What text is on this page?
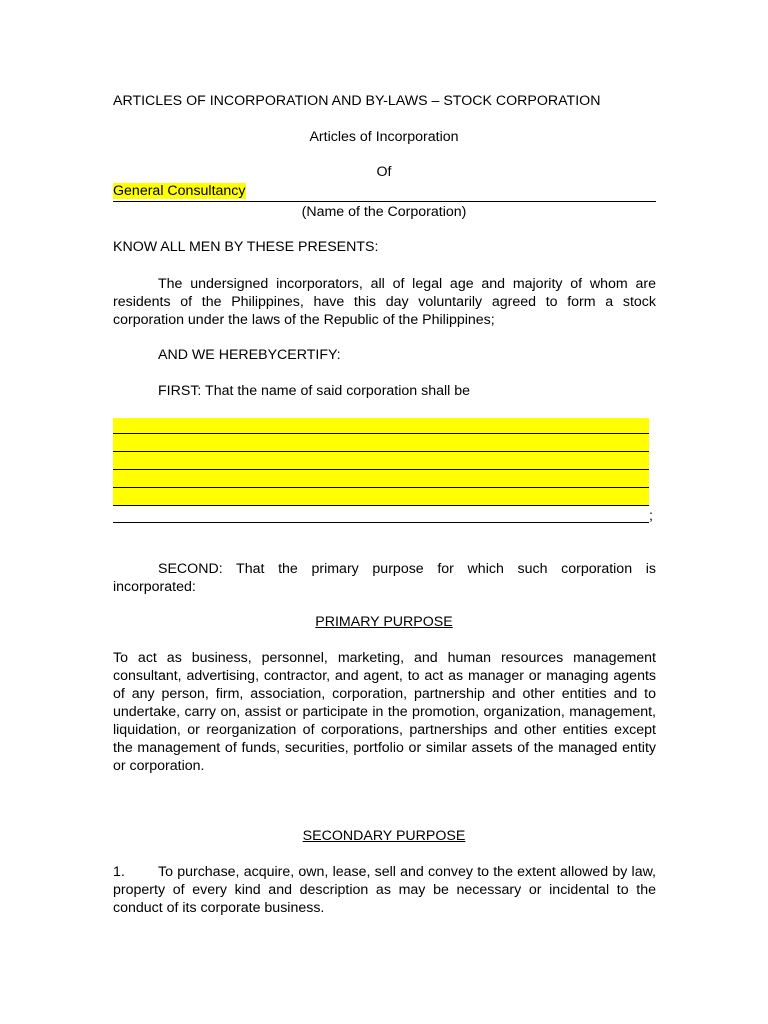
ARTICLES OF INCORPORATION AND BY-LAWS – STOCK CORPORATION
Articles of Incorporation
Of
General Consultancy
(Name of the Corporation)
KNOW ALL MEN BY THESE PRESENTS:
The undersigned incorporators, all of legal age and majority of whom are residents of the Philippines, have this day voluntarily agreed to form a stock corporation under the laws of the Republic of the Philippines;
AND WE HEREBYCERTIFY:
FIRST: That the name of said corporation shall be
;
SECOND: That the primary purpose for which such corporation is
incorporated:
PRIMARY PURPOSE
To act as business, personnel, marketing, and human resources management consultant, advertising, contractor, and agent, to act as manager or managing agents of any person, firm, association, corporation, partnership and other entities and to undertake, carry on, assist or participate in the promotion, organization, management, liquidation, or reorganization of corporations, partnerships and other entities except the management of funds, securities, portfolio or similar assets of the managed entity or corporation.
SECONDARY PURPOSE
1. To purchase, acquire, own, lease, sell and convey to the extent allowed by law, property of every kind and description as may be necessary or incidental to the conduct of its corporate business.
